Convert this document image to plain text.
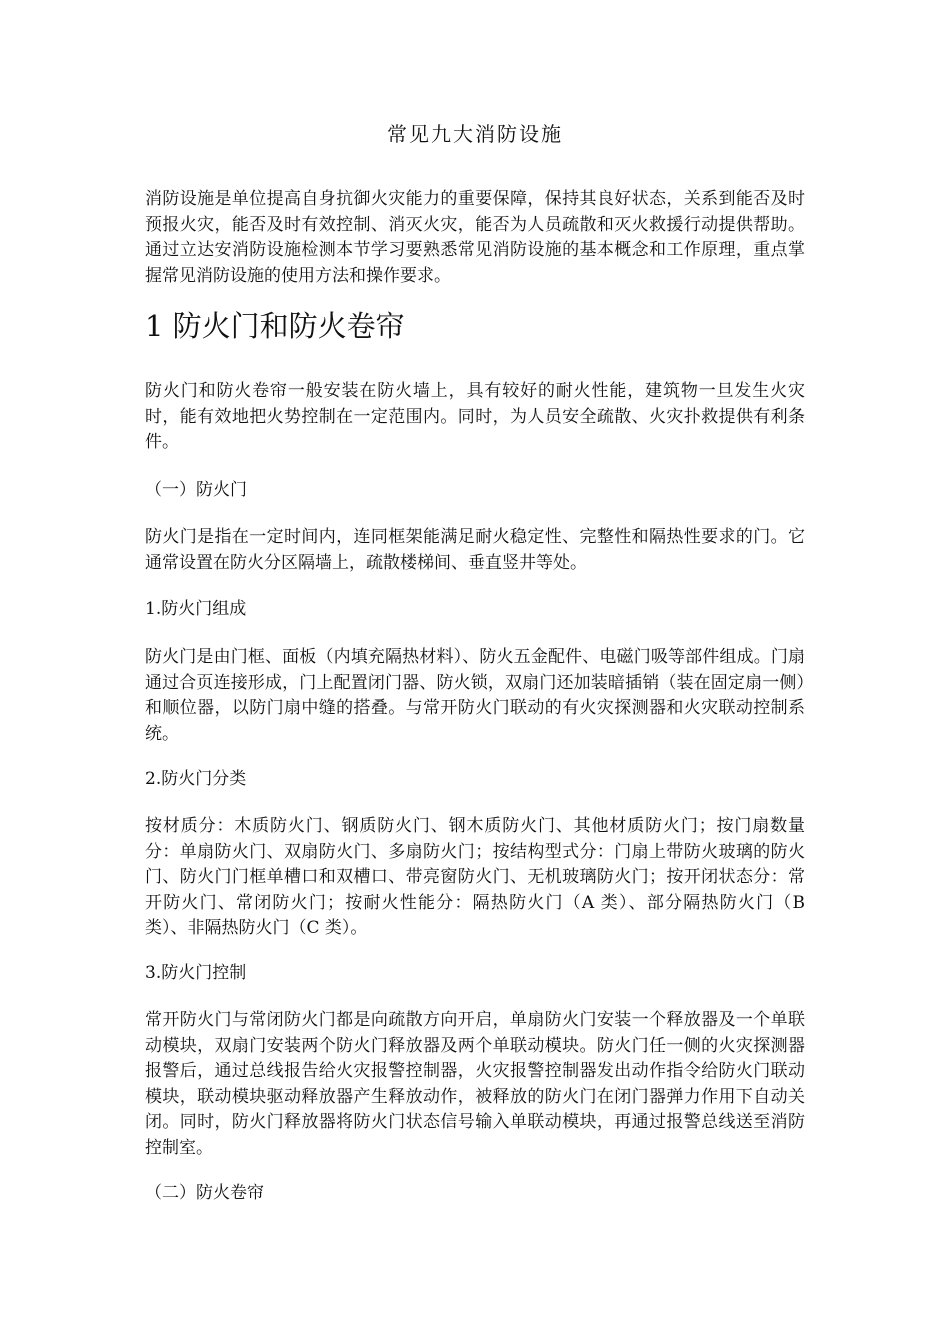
常见九大消防设施
消防设施是单位提高自身抗御火灾能力的重要保障，保持其良好状态，关系到能否及时预报火灾，能否及时有效控制、消灭火灾，能否为人员疏散和灭火救援行动提供帮助。通过立达安消防设施检测本节学习要熟悉常见消防设施的基本概念和工作原理，重点掌握常见消防设施的使用方法和操作要求。
1 防火门和防火卷帘
防火门和防火卷帘一般安装在防火墙上，具有较好的耐火性能，建筑物一旦发生火灾时，能有效地把火势控制在一定范围内。同时，为人员安全疏散、火灾扑救提供有利条件。
（一）防火门
防火门是指在一定时间内，连同框架能满足耐火稳定性、完整性和隔热性要求的门。它通常设置在防火分区隔墙上，疏散楼梯间、垂直竖井等处。
1.防火门组成
防火门是由门框、面板（内填充隔热材料）、防火五金配件、电磁门吸等部件组成。门扇通过合页连接形成，门上配置闭门器、防火锁，双扇门还加装暗插销（装在固定扇一侧）和顺位器，以防门扇中缝的搭叠。与常开防火门联动的有火灾探测器和火灾联动控制系统。
2.防火门分类
按材质分：木质防火门、钢质防火门、钢木质防火门、其他材质防火门；按门扇数量分：单扇防火门、双扇防火门、多扇防火门；按结构型式分：门扇上带防火玻璃的防火门、防火门门框单槽口和双槽口、带亮窗防火门、无机玻璃防火门；按开闭状态分：常开防火门、常闭防火门；按耐火性能分：隔热防火门（A 类）、部分隔热防火门（B 类）、非隔热防火门（C 类）。
3.防火门控制
常开防火门与常闭防火门都是向疏散方向开启，单扇防火门安装一个释放器及一个单联动模块，双扇门安装两个防火门释放器及两个单联动模块。防火门任一侧的火灾探测器报警后，通过总线报告给火灾报警控制器，火灾报警控制器发出动作指令给防火门联动模块，联动模块驱动释放器产生释放动作，被释放的防火门在闭门器弹力作用下自动关闭。同时，防火门释放器将防火门状态信号输入单联动模块，再通过报警总线送至消防控制室。
（二）防火卷帘
